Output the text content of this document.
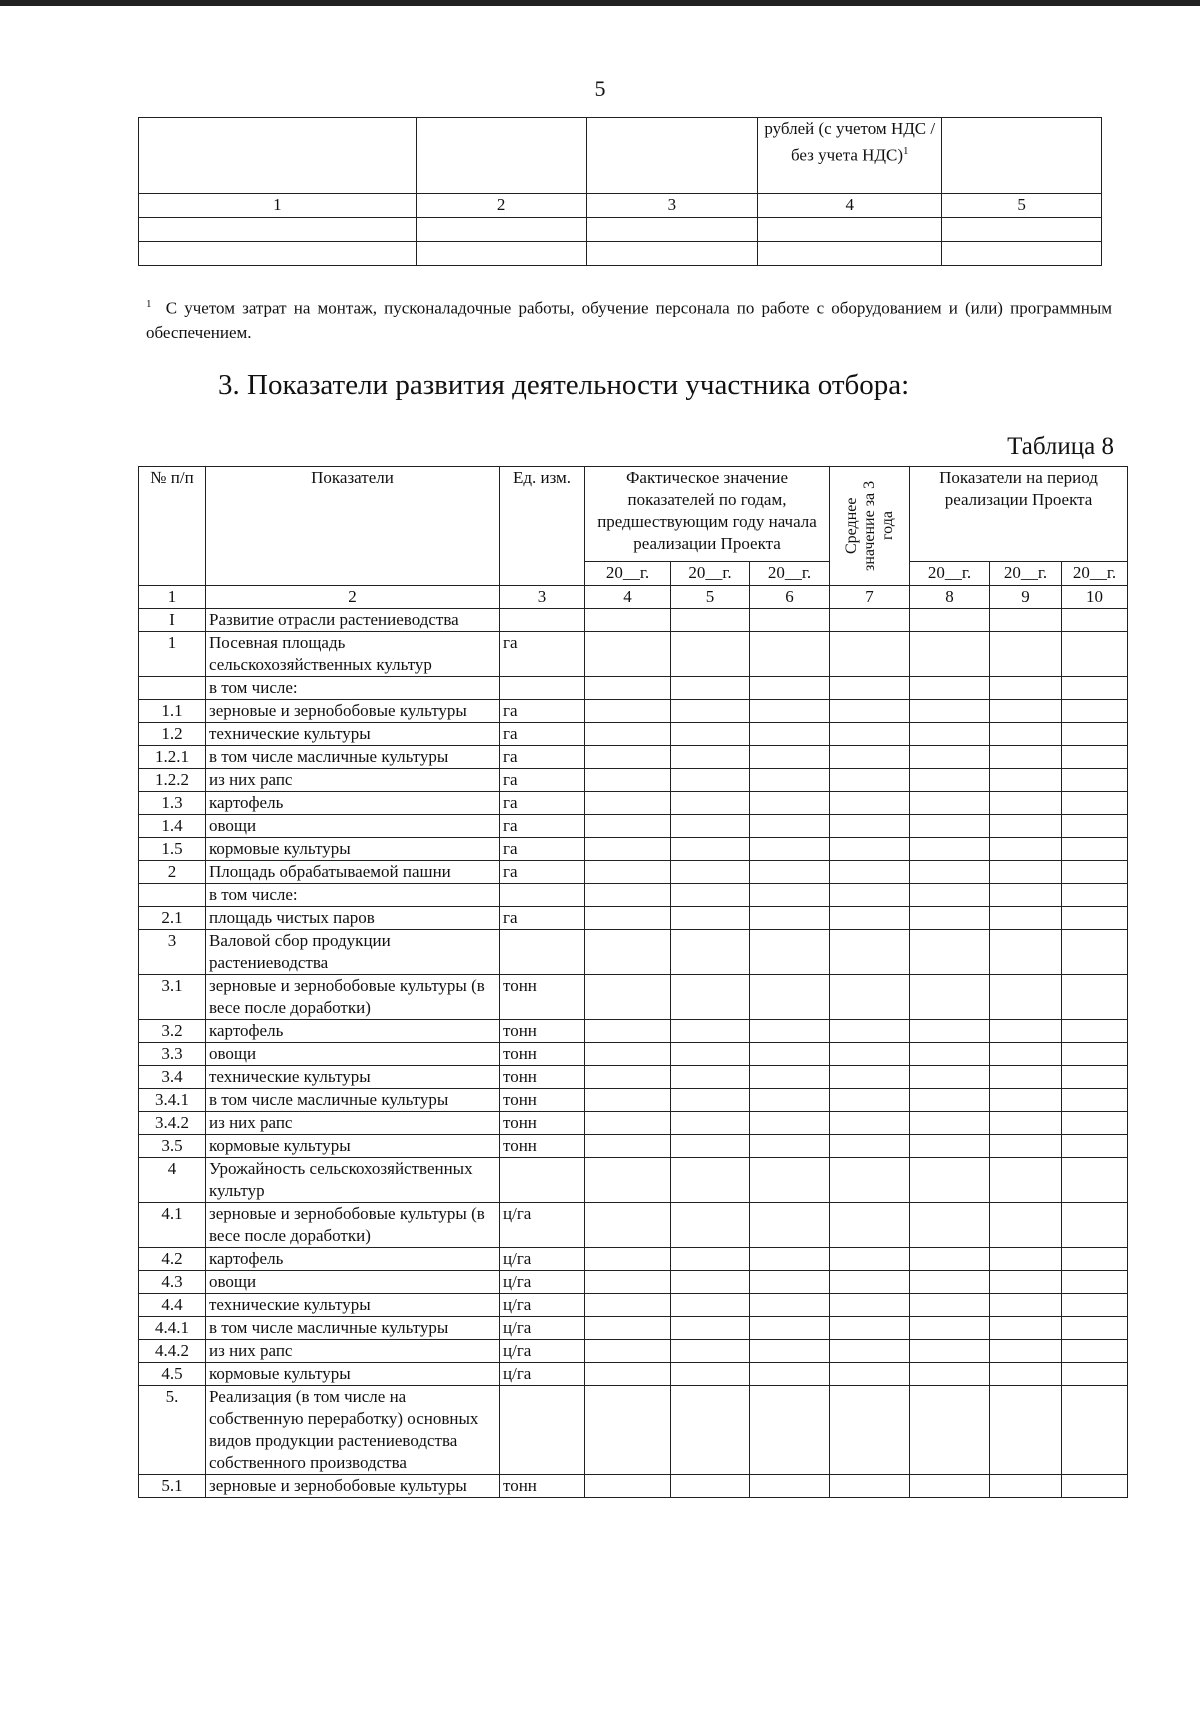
5
			рублей (с учетом НДС / без учета НДС)$^1$	
1	2	3	4	5

$^1$ С учетом затрат на монтаж, пусконаладочные работы, обучение персонала по работе с оборудованием и (или) программным обеспечением.
3. Показатели развития деятельности участника отбора:
Таблица 8
№ п/п	Показатели	Ед. изм.	Фактическое значение показателей по годам, предшествующим году начала реализации Проекта			Среднее значение за 3 года	Показатели на период реализации Проекта		
			20__г.	20__г.	20__г.		20__г.	20__г.	20__г.
1	2	3	4	5	6	7	8	9	10
I	Развитие отрасли растениеводства								
1	Посевная площадь сельскохозяйственных культур	га							
	в том числе:								
1.1	зерновые и зернобобовые культуры	га							
1.2	технические культуры	га							
1.2.1	в том числе масличные культуры	га							
1.2.2	из них рапс	га							
1.3	картофель	га							
1.4	овощи	га							
1.5	кормовые культуры	га							
2	Площадь обрабатываемой пашни	га							
	в том числе:								
2.1	площадь чистых паров	га							
3	Валовой сбор продукции растениеводства								
3.1	зерновые и зернобобовые культуры (в весе после доработки)	тонн							
3.2	картофель	тонн							
3.3	овощи	тонн							
3.4	технические культуры	тонн							
3.4.1	в том числе масличные культуры	тонн							
3.4.2	из них рапс	тонн							
3.5	кормовые культуры	тонн							
4	Урожайность сельскохозяйственных культур								
4.1	зерновые и зернобобовые культуры (в весе после доработки)	ц/га							
4.2	картофель	ц/га							
4.3	овощи	ц/га							
4.4	технические культуры	ц/га							
4.4.1	в том числе масличные культуры	ц/га							
4.4.2	из них рапс	ц/га							
4.5	кормовые культуры	ц/га							
5.	Реализация (в том числе на собственную переработку) основных видов продукции растениеводства собственного производства								
5.1	зерновые и зернобобовые культуры	тонн							
